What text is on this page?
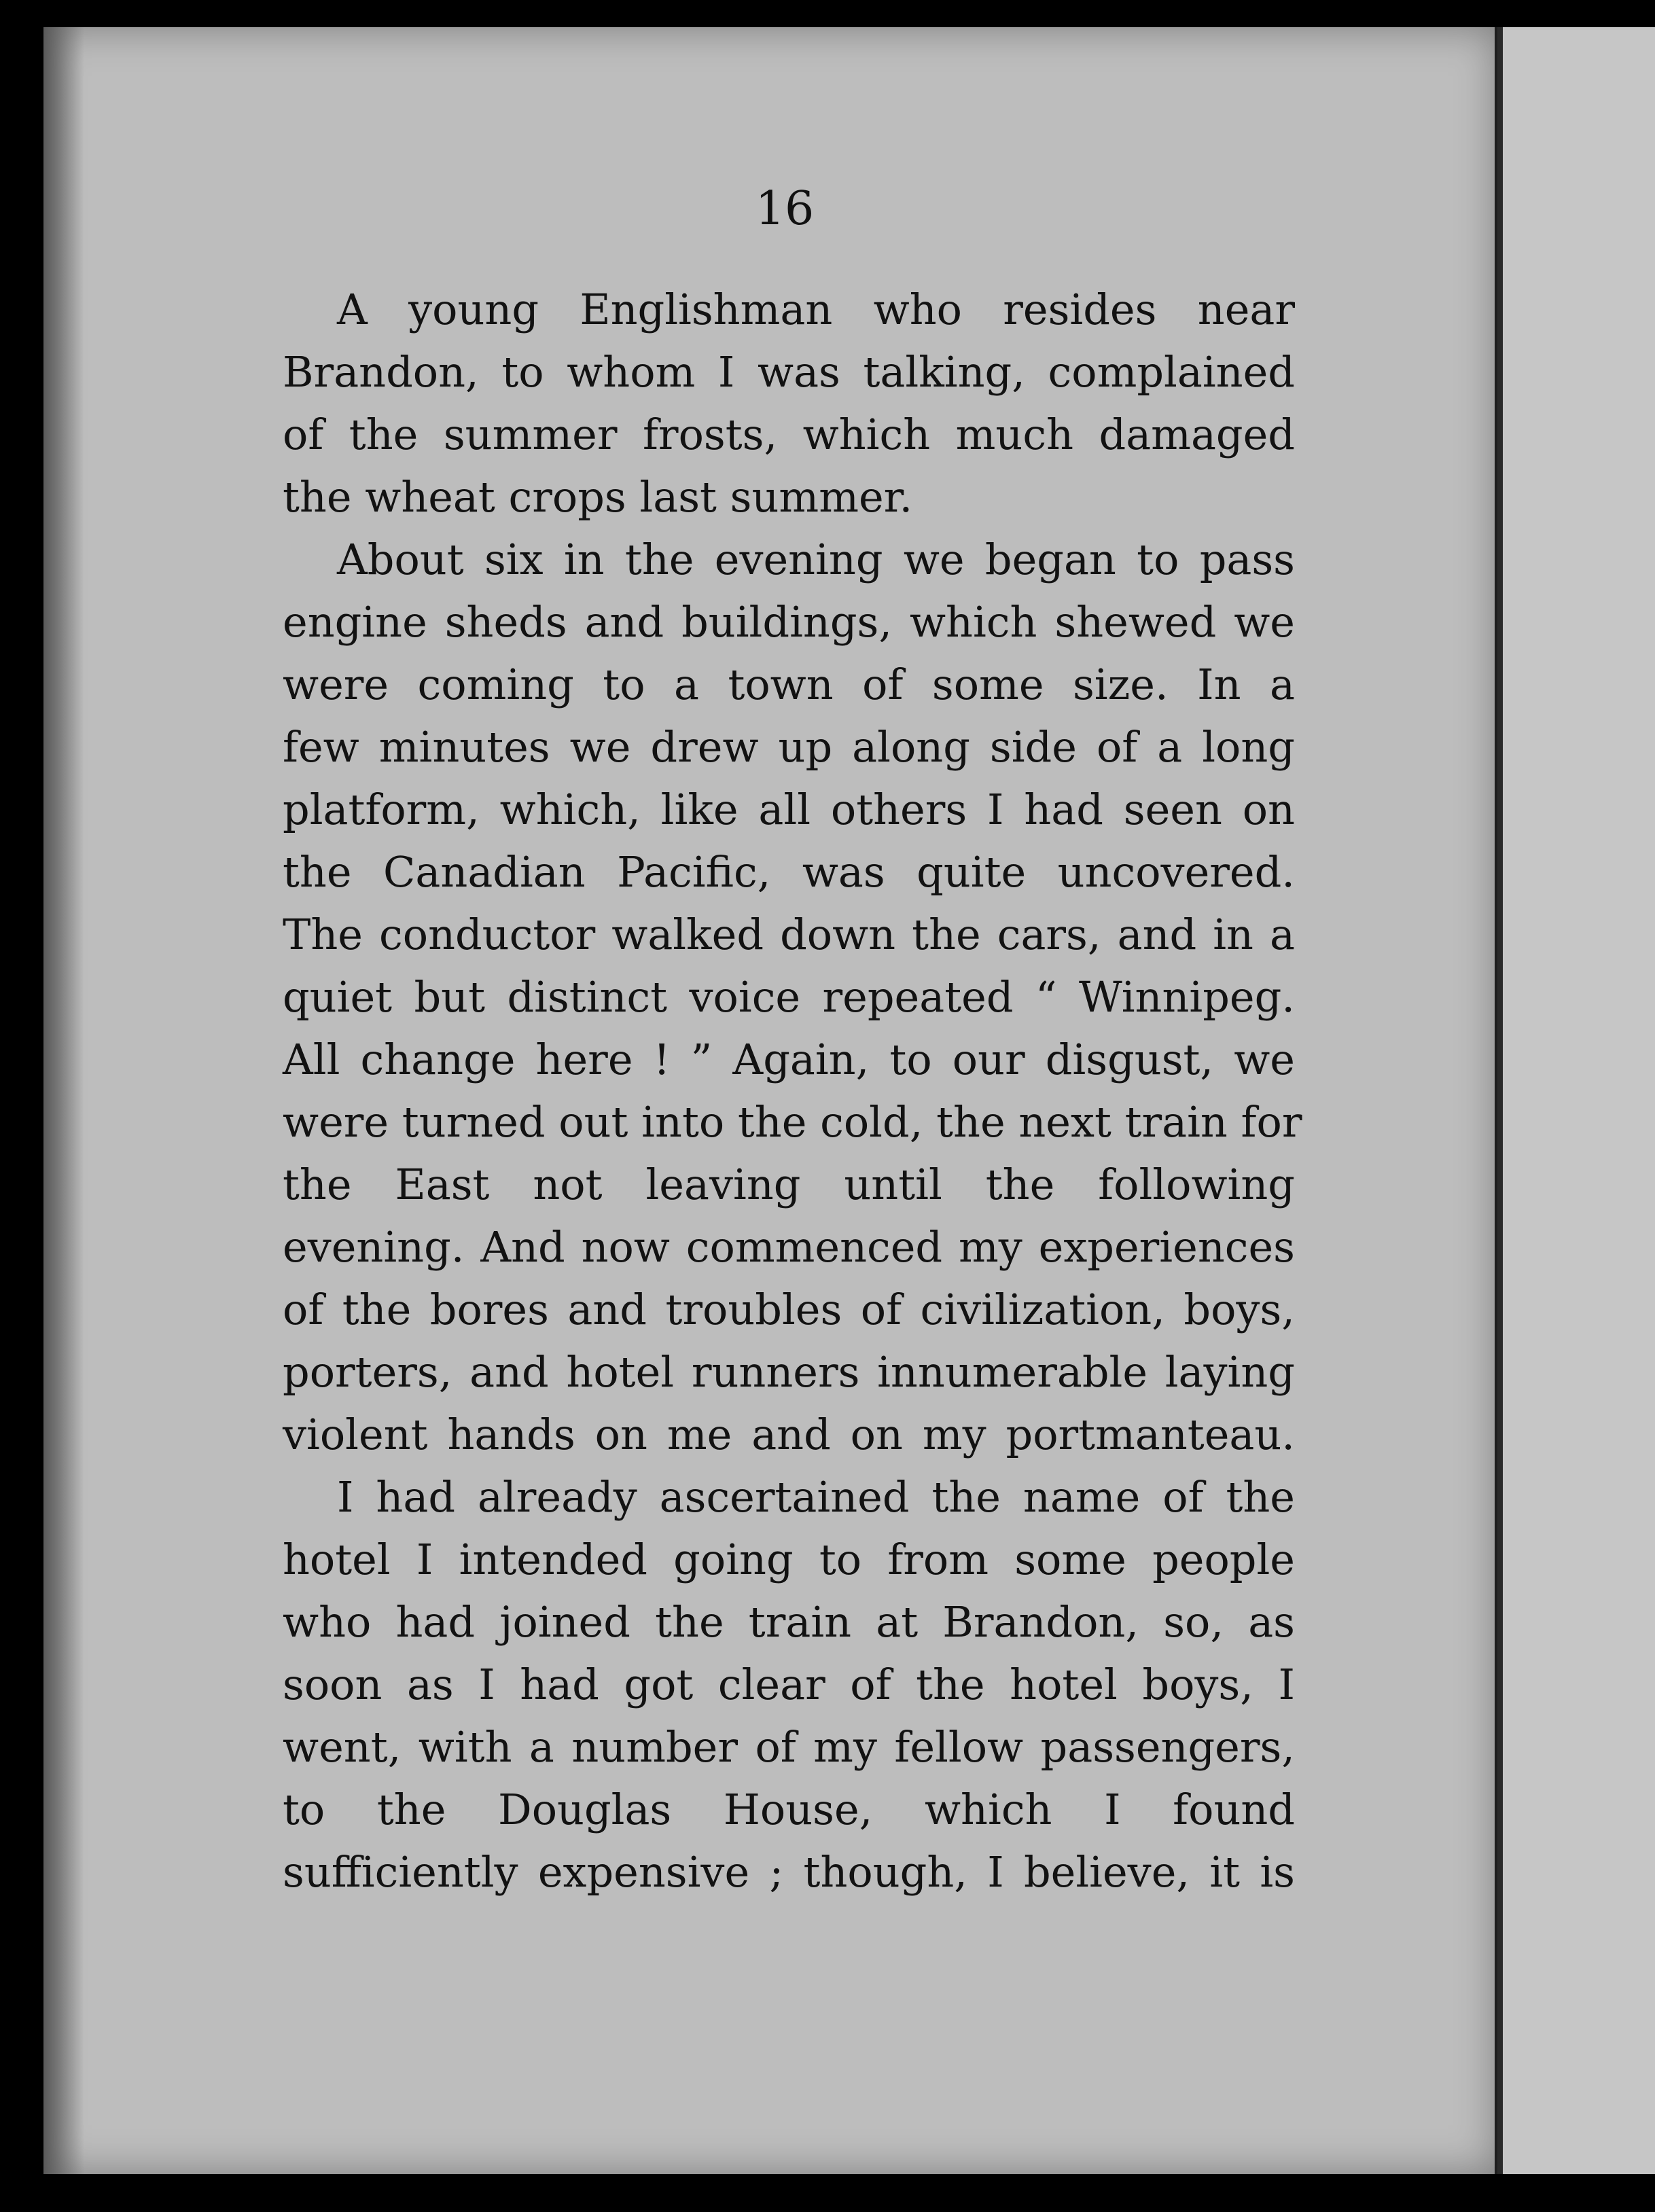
16
A young Englishman who resides near
Brandon, to whom I was talking, complained
of the summer frosts, which much damaged
the wheat crops last summer.
About six in the evening we began to pass
engine sheds and buildings, which shewed we
were coming to a town of some size. In a
few minutes we drew up along side of a long
platform, which, like all others I had seen on
the Canadian Pacific, was quite uncovered.
The conductor walked down the cars, and in a
quiet but distinct voice repeated “ Winnipeg.
All change here ! ” Again, to our disgust, we
were turned out into the cold, the next train for
the East not leaving until the following
evening. And now commenced my experiences
of the bores and troubles of civilization, boys,
porters, and hotel runners innumerable laying
violent hands on me and on my portmanteau.
I had already ascertained the name of the
hotel I intended going to from some people
who had joined the train at Brandon, so, as
soon as I had got clear of the hotel boys, I
went, with a number of my fellow passengers,
to the Douglas House, which I found
sufficiently expensive ; though, I believe, it is
